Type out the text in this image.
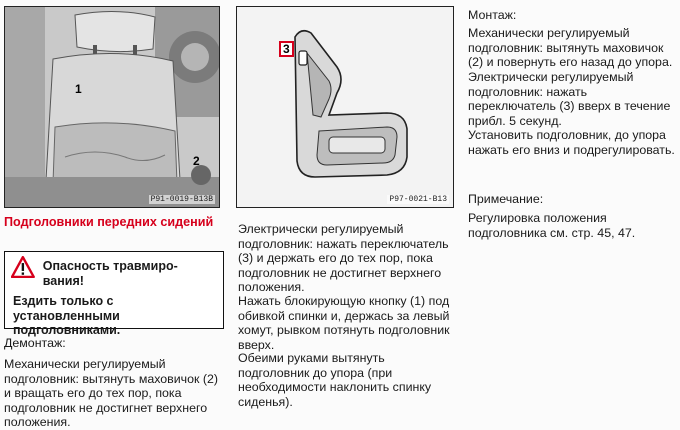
1
2
P91-0019-B13B
3
P97-0021-B13
Подголовники передних сидений
Опасность травмиро-вания!
Ездить только с установленными подголовниками.
Демонтаж:

Механически регулируемый подголовник: вытянуть маховичок (2) и вращать его до тех пор, пока подголовник не достигнет верхнего положения.

Электрически регулируемый подголовник: нажать переключатель (3) и держать его до тех пор, пока подголовник не достигнет верхнего положения.

Нажать блокирующую кнопку (1) под обивкой спинки и, держась за левый хомут, рывком потянуть подголовник вверх.

Обеими руками вытянуть подголовник до упора (при необходимости наклонить спинку сиденья).

Монтаж:

Механически регулируемый подголовник: вытянуть маховичок (2) и повернуть его назад до упора.

Электрически регулируемый подголовник: нажать переключатель (3) вверх в течение прибл. 5 секунд.

Установить подголовник, до упора нажать его вниз и подрегулировать.

Примечание:

Регулировка положения подголовника см. стр. 45, 47.
